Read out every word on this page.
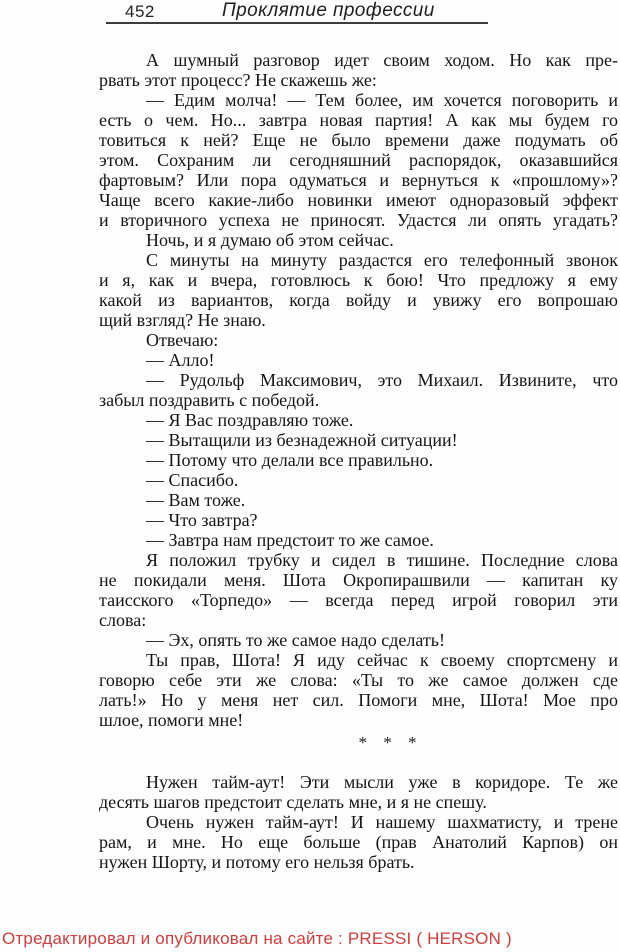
452	Проклятие профессии
А шумный разговор идет своим ходом. Но как пре-
рвать этот процесс? Не скажешь же:
— Едим молча! — Тем более, им хочется поговорить и
есть о чем. Но... завтра новая партия! А как мы будем го
товиться к ней? Еще не было времени даже подумать об
этом. Сохраним ли сегодняшний распорядок, оказавшийся
фартовым? Или пора одуматься и вернуться к «прошлому»?
Чаще всего какие-либо новинки имеют одноразовый эффект
и вторичного успеха не приносят. Удастся ли опять угадать?
Ночь, и я думаю об этом сейчас.
С минуты на минуту раздастся его телефонный звонок
и я, как и вчера, готовлюсь к бою! Что предложу я ему
какой из вариантов, когда войду и увижу его вопрошаю
щий взгляд? Не знаю.
Отвечаю:
— Алло!
— Рудольф Максимович, это Михаил. Извините, что
забыл поздравить с победой.
— Я Вас поздравляю тоже.
— Вытащили из безнадежной ситуации!
— Потому что делали все правильно.
— Спасибо.
— Вам тоже.
— Что завтра?
— Завтра нам предстоит то же самое.
Я положил трубку и сидел в тишине. Последние слова
не покидали меня. Шота Окропирашвили — капитан ку
таисского «Торпедо» — всегда перед игрой говорил эти
слова:
— Эх, опять то же самое надо сделать!
Ты прав, Шота! Я иду сейчас к своему спортсмену и
говорю себе эти же слова: «Ты то же самое должен сде
лать!» Но у меня нет сил. Помоги мне, Шота! Мое про
шлое, помоги мне!
* * *
Нужен тайм-аут! Эти мысли уже в коридоре. Те же
десять шагов предстоит сделать мне, и я не спешу.
Очень нужен тайм-аут! И нашему шахматисту, и трене
рам, и мне. Но еще больше (прав Анатолий Карпов) он
нужен Шорту, и потому его нельзя брать.
Отредактировал и опубликовал на сайте : PRESSI ( HERSON )
